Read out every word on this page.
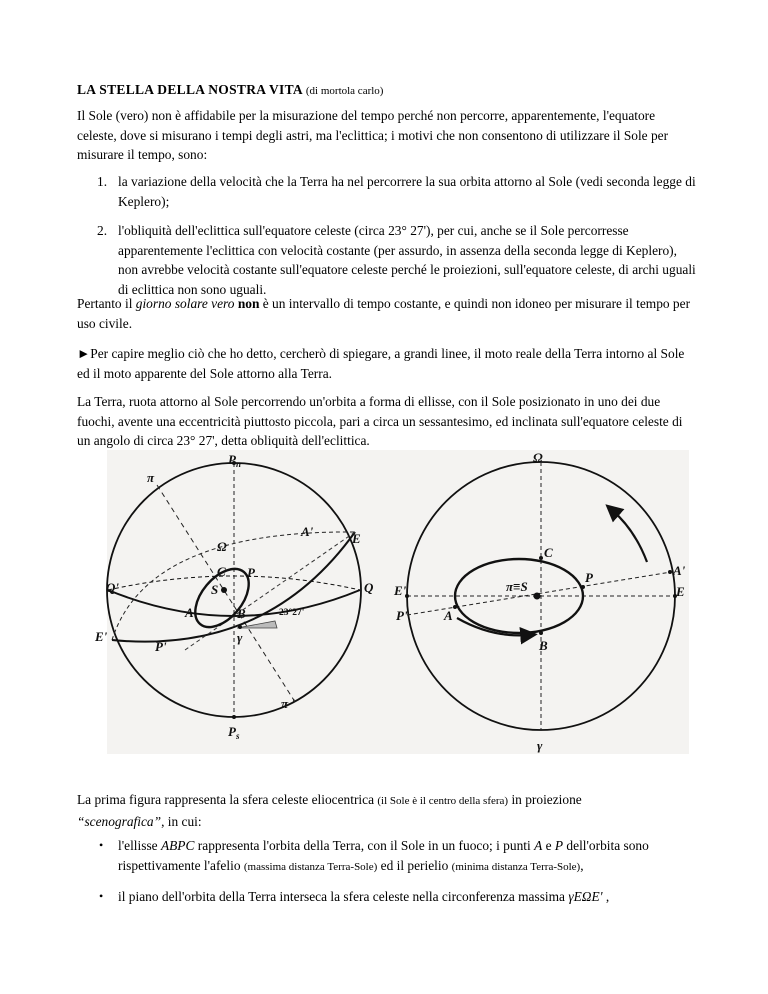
LA STELLA DELLA NOSTRA VITA (di mortola carlo)
Il Sole (vero) non è affidabile per la misurazione del tempo perché non percorre, apparentemente, l'equatore celeste, dove si misurano i tempi degli astri, ma l'eclittica; i motivi che non consentono di utilizzare il Sole per misurare il tempo, sono:
1. la variazione della velocità che la Terra ha nel percorrere la sua orbita attorno al Sole (vedi seconda legge di Keplero);
2. l'obliquità dell'eclittica sull'equatore celeste (circa 23° 27'), per cui, anche se il Sole percorresse apparentemente l'eclittica con velocità costante (per assurdo, in assenza della seconda legge di Keplero), non avrebbe velocità costante sull'equatore celeste perché le proiezioni, sull'equatore celeste, di archi uguali di eclittica non sono uguali.
Pertanto il giorno solare vero non è un intervallo di tempo costante, e quindi non idoneo per misurare il tempo per uso civile.
►Per capire meglio ciò che ho detto, cercherò di spiegare, a grandi linee, il moto reale della Terra intorno al Sole ed il moto apparente del Sole attorno alla Terra.
La Terra, ruota attorno al Sole percorrendo un'orbita a forma di ellisse, con il Sole posizionato in uno dei due fuochi, avente una eccentricità piuttosto piccola, pari a circa un sessantesimo, ed inclinata sull'equatore celeste di un angolo di circa 23° 27', detta obliquità dell'eclittica.
$P_n$
$P_s$
π
π '
A'	E
Ω
C P
S
Q'	Q
A	B	23°27'
γ
E'
P'
Ω
C
A'
E
P
π≡S
E'
P'	A
B
γ
La prima figura rappresenta la sfera celeste eliocentrica (il Sole è il centro della sfera) in proiezione
“scenografica”, in cui:
• l'ellisse ABPC rappresenta l'orbita della Terra, con il Sole in un fuoco; i punti A e P dell'orbita sono rispettivamente l'afelio (massima distanza Terra-Sole) ed il perielio (minima distanza Terra-Sole),
• il piano dell'orbita della Terra interseca la sfera celeste nella circonferenza massima γEΩE' ,
